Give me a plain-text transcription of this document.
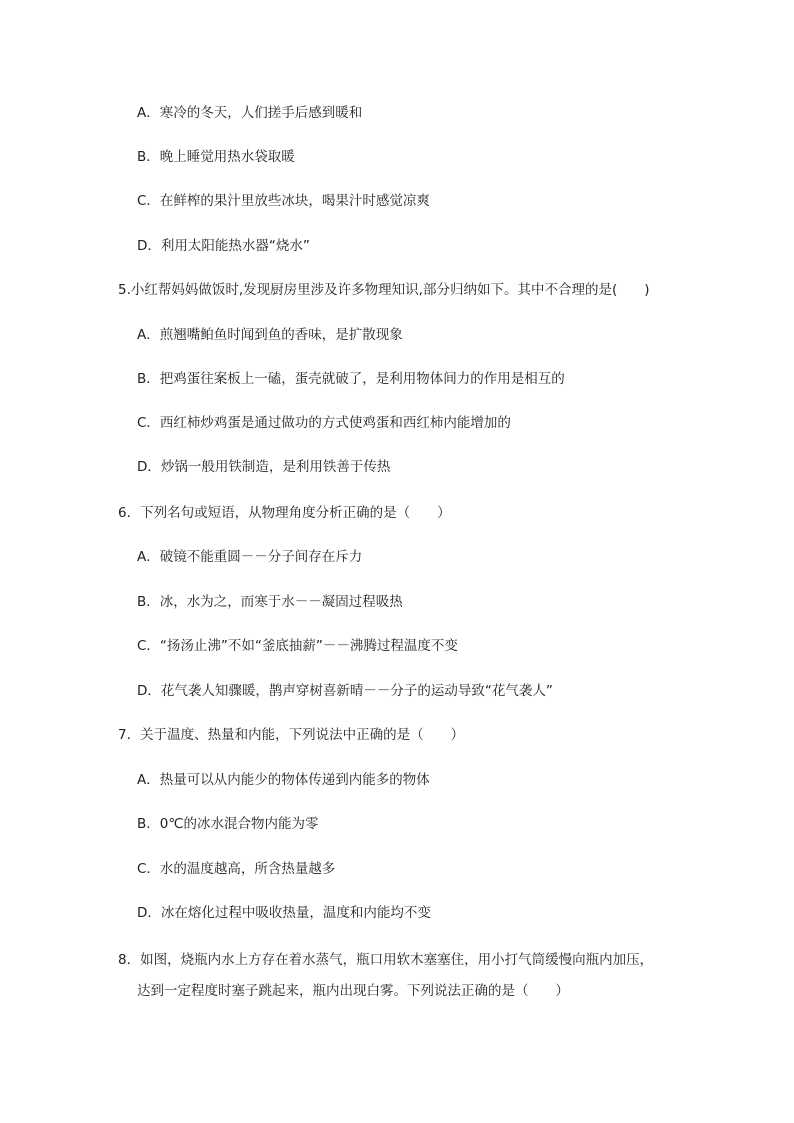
A．寒冷的冬天，人们搓手后感到暖和
B．晚上睡觉用热水袋取暖
C．在鲜榨的果汁里放些冰块，喝果汁时感觉凉爽
D．利用太阳能热水器“烧水”
5.小红帮妈妈做饭时,发现厨房里涉及许多物理知识,部分归纳如下。其中不合理的是(　　)
A．煎翘嘴鲌鱼时闻到鱼的香味，是扩散现象
B．把鸡蛋往案板上一磕，蛋壳就破了，是利用物体间力的作用是相互的
C．西红柿炒鸡蛋是通过做功的方式使鸡蛋和西红柿内能增加的
D．炒锅一般用铁制造，是利用铁善于传热
6．下列名句或短语，从物理角度分析正确的是（　　）
A．破镜不能重圆－－分子间存在斥力
B．冰，水为之，而寒于水－－凝固过程吸热
C．“扬汤止沸”不如“釜底抽薪”－－沸腾过程温度不变
D．花气袭人知骤暖，鹊声穿树喜新晴－－分子的运动导致“花气袭人”
7．关于温度、热量和内能，下列说法中正确的是（　　）
A．热量可以从内能少的物体传递到内能多的物体
B．0℃的冰水混合物内能为零
C．水的温度越高，所含热量越多
D．冰在熔化过程中吸收热量，温度和内能均不变
8．如图，烧瓶内水上方存在着水蒸气，瓶口用软木塞塞住，用小打气筒缓慢向瓶内加压，
达到一定程度时塞子跳起来，瓶内出现白雾。下列说法正确的是（　　）
